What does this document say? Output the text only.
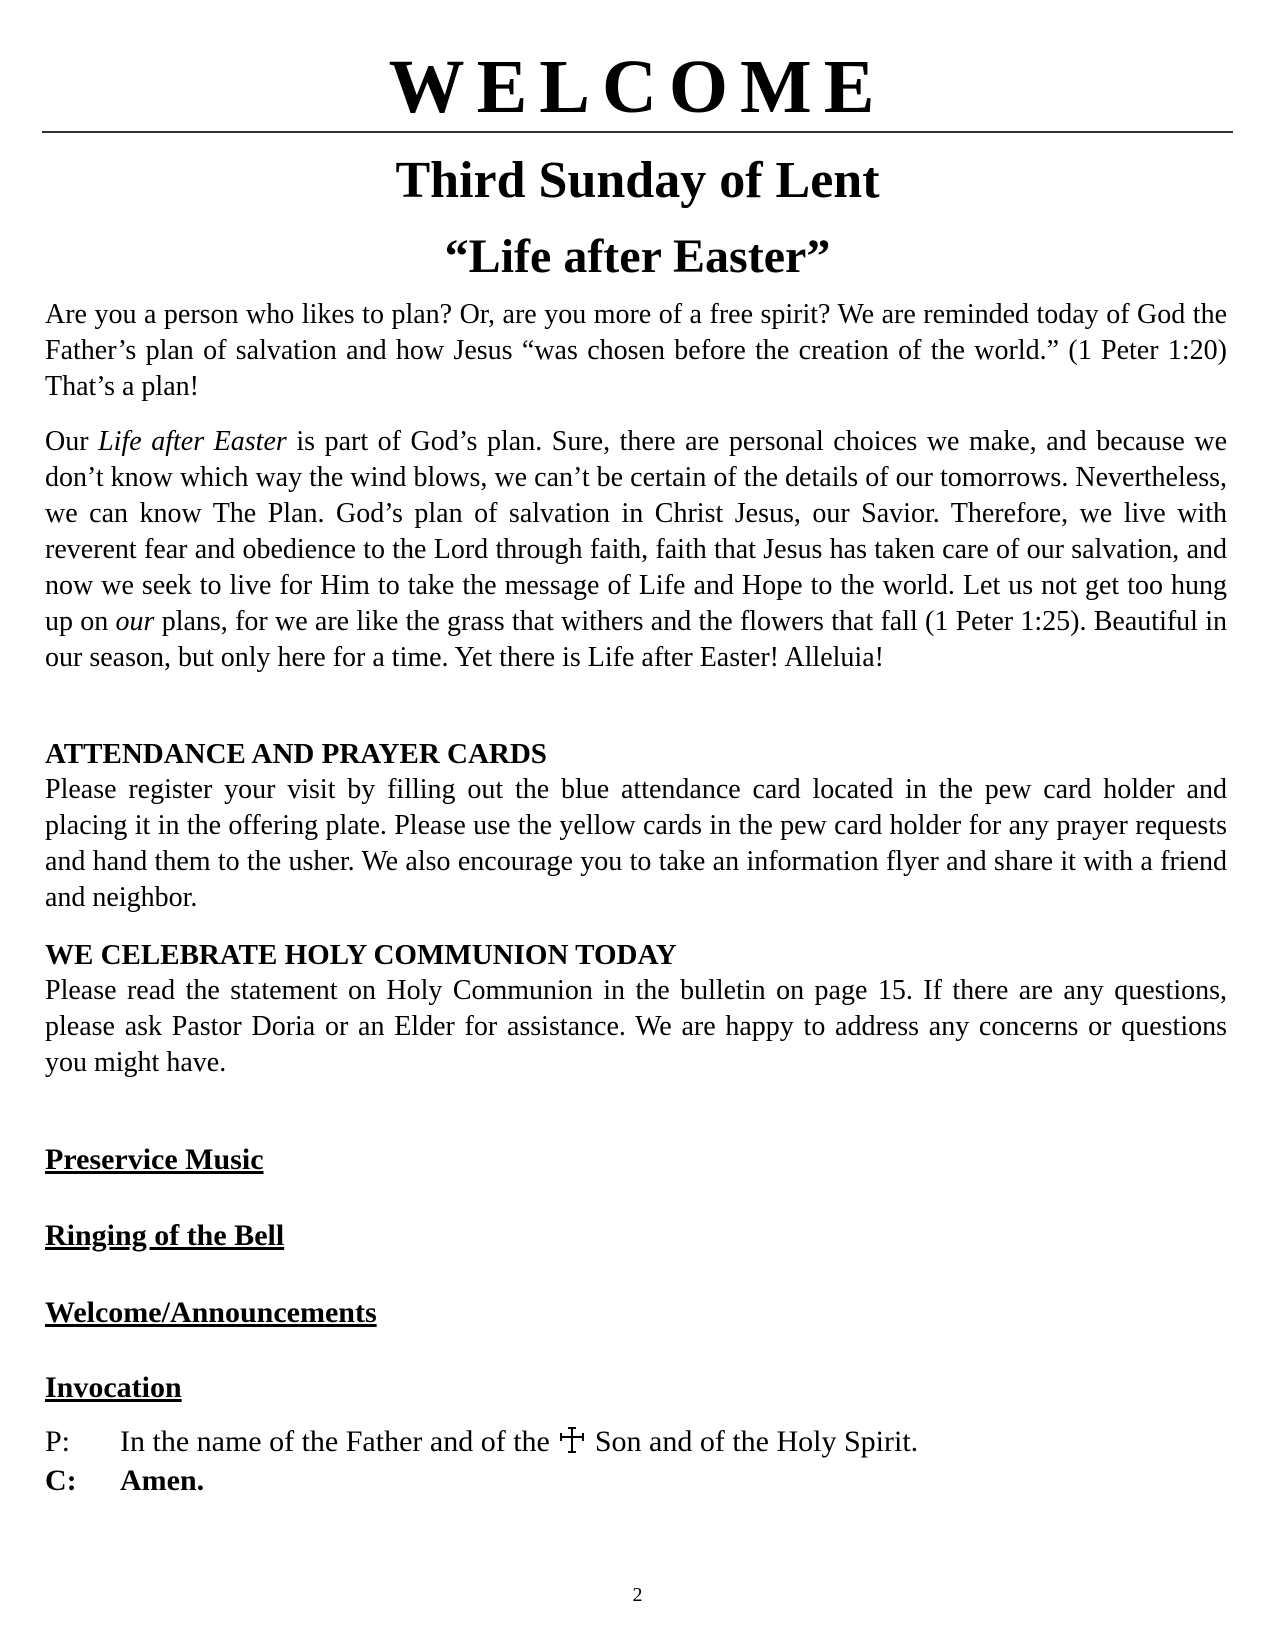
WELCOME
Third Sunday of Lent
“Life after Easter”

Are you a person who likes to plan? Or, are you more of a free spirit? We are reminded today of God the Father’s plan of salvation and how Jesus “was chosen before the creation of the world.” (1 Peter 1:20) That’s a plan!

Our Life after Easter is part of God’s plan. Sure, there are personal choices we make, and because we don’t know which way the wind blows, we can’t be certain of the details of our tomorrows. Nevertheless, we can know The Plan. God’s plan of salvation in Christ Jesus, our Savior. Therefore, we live with reverent fear and obedience to the Lord through faith, faith that Jesus has taken care of our salvation, and now we seek to live for Him to take the message of Life and Hope to the world. Let us not get too hung up on our plans, for we are like the grass that withers and the flowers that fall (1 Peter 1:25). Beautiful in our season, but only here for a time. Yet there is Life after Easter! Alleluia!

ATTENDANCE AND PRAYER CARDS

Please register your visit by filling out the blue attendance card located in the pew card holder and placing it in the offering plate. Please use the yellow cards in the pew card holder for any prayer requests and hand them to the usher. We also encourage you to take an information flyer and share it with a friend and neighbor.

WE CELEBRATE HOLY COMMUNION TODAY

Please read the statement on Holy Communion in the bulletin on page 15. If there are any questions, please ask Pastor Doria or an Elder for assistance. We are happy to address any concerns or questions you might have.

Preservice Music
Ringing of the Bell
Welcome/Announcements
Invocation
P: In the name of the Father and of the  Son and of the Holy Spirit.
C: Amen.
2
